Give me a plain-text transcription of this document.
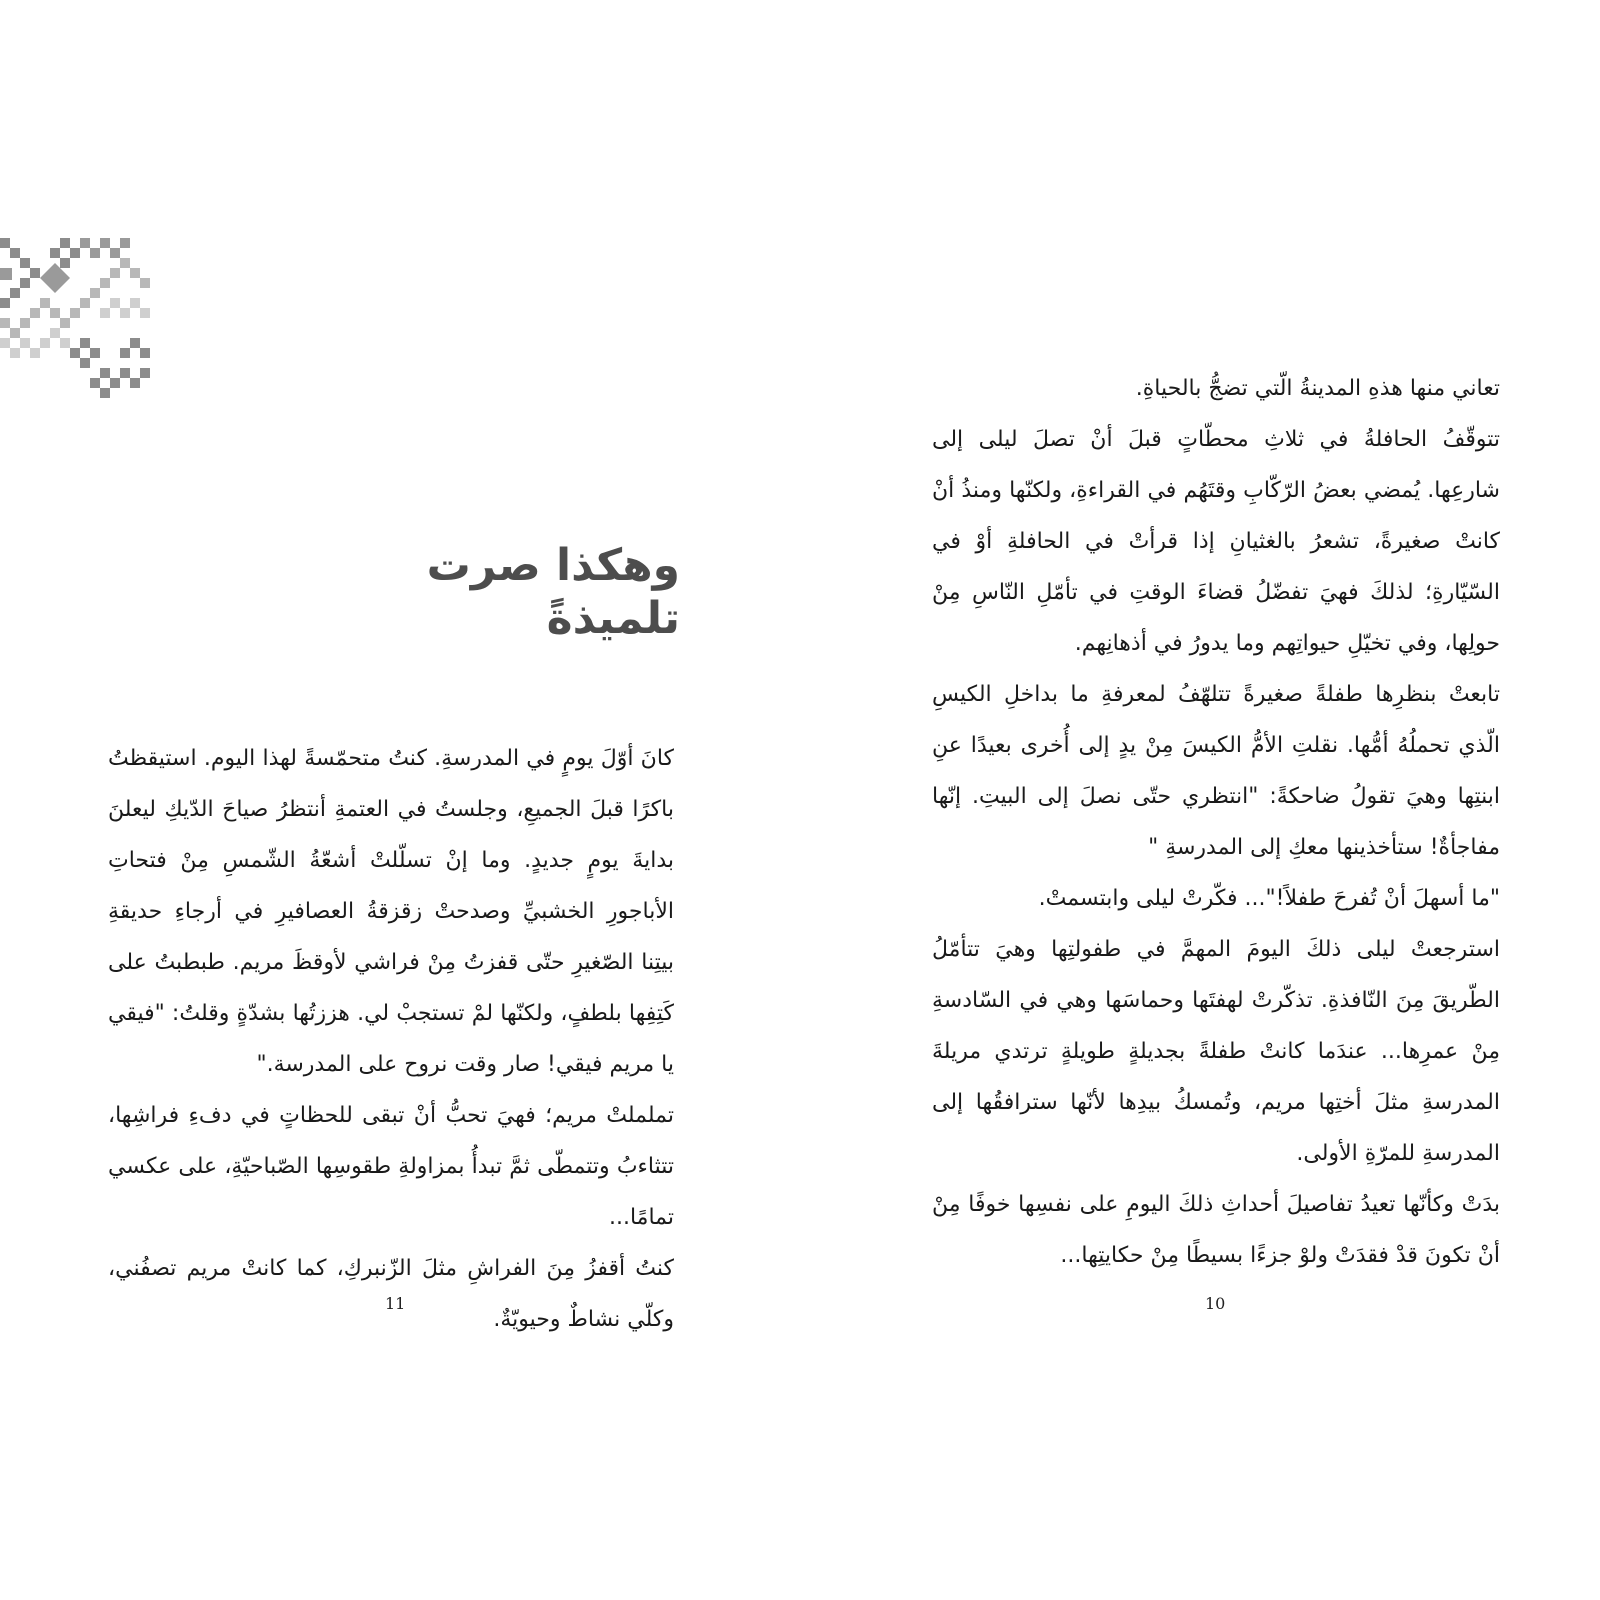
وهكذا صرت تلميذةً

كانَ أوّلَ يومٍ في المدرسةِ. كنتُ متحمّسةً لهذا اليوم. استيقظتُ باكرًا قبلَ الجميعِ، وجلستُ في العتمةِ أنتظرُ صياحَ الدّيكِ ليعلنَ بدايةَ يومٍ جديدٍ. وما إنْ تسلّلتْ أشعّةُ الشّمسِ مِنْ فتحاتِ الأباجورِ الخشبيِّ وصدحتْ زقزقةُ العصافيرِ في أرجاءِ حديقةِ بيتِنا الصّغيرِ حتّى قفزتُ مِنْ فراشي لأوقظَ مريم. طبطبتُ على كَتِفِها بلطفٍ، ولكنّها لمْ تستجبْ لي. هززتُها بشدّةٍ وقلتُ: "فيقي يا مريم فيقي! صار وقت نروح على المدرسة."

تململتْ مريم؛ فهيَ تحبُّ أنْ تبقى للحظاتٍ في دفءِ فراشِها، تتثاءبُ وتتمطّى ثمَّ تبدأُ بمزاولةِ طقوسِها الصّباحيّةِ، على عكسي تمامًا...

كنتُ أقفزُ مِنَ الفراشِ مثلَ الزّنبركِ، كما كانتْ مريم تصفُني، وكلّي نشاطٌ وحيويّةٌ.

11

تعاني منها هذهِ المدينةُ الّتي تضجُّ بالحياةِ.

تتوقّفُ الحافلةُ في ثلاثِ محطّاتٍ قبلَ أنْ تصلَ ليلى إلى شارعِها. يُمضي بعضُ الرّكّابِ وقتَهُم في القراءةِ، ولكنّها ومنذُ أنْ كانتْ صغيرةً، تشعرُ بالغثيانِ إذا قرأتْ في الحافلةِ أوْ في السّيّارةِ؛ لذلكَ فهيَ تفضّلُ قضاءَ الوقتِ في تأمّلِ النّاسِ مِنْ حولِها، وفي تخيّلِ حيواتِهم وما يدورُ في أذهانِهم.

تابعتْ بنظرِها طفلةً صغيرةً تتلهّفُ لمعرفةِ ما بداخلِ الكيسِ الّذي تحملُهُ أمُّها. نقلتِ الأمُّ الكيسَ مِنْ يدٍ إلى أُخرى بعيدًا عنِ ابنتِها وهيَ تقولُ ضاحكةً: "انتظري حتّى نصلَ إلى البيتِ. إنّها مفاجأةٌ! ستأخذينها معكِ إلى المدرسةِ "

"ما أسهلَ أنْ تُفرحَ طفلاً!"... فكّرتْ ليلى وابتسمتْ.

استرجعتْ ليلى ذلكَ اليومَ المهمَّ في طفولتِها وهيَ تتأمّلُ الطّريقَ مِنَ النّافذةِ. تذكّرتْ لهفتَها وحماسَها وهي في السّادسةِ مِنْ عمرِها... عندَما كانتْ طفلةً بجديلةٍ طويلةٍ ترتدي مريلةَ المدرسةِ مثلَ أختِها مريم، وتُمسكُ بيدِها لأنّها سترافقُها إلى المدرسةِ للمرّةِ الأولى.

بدَتْ وكأنّها تعيدُ تفاصيلَ أحداثِ ذلكَ اليومِ على نفسِها خوفًا مِنْ أنْ تكونَ قدْ فقدَتْ ولوْ جزءًا بسيطًا مِنْ حكايتِها...

10
